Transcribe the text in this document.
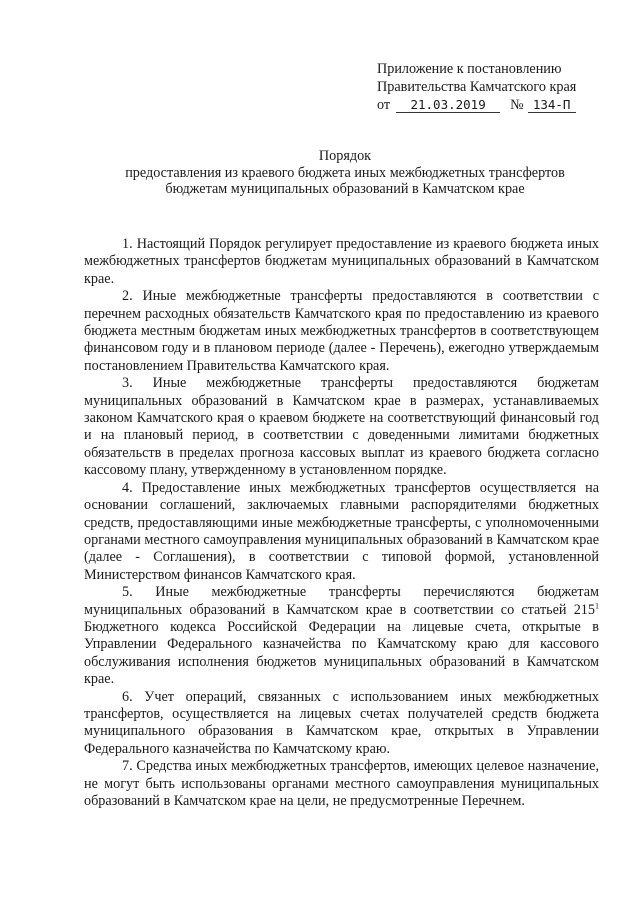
Приложение к постановлению
Правительства Камчатского края
от 21.03.2019 № 134-П
Порядок
предоставления из краевого бюджета иных межбюджетных трансфертов
бюджетам муниципальных образований в Камчатском крае

1. Настоящий Порядок регулирует предоставление из краевого бюджета иных межбюджетных трансфертов бюджетам муниципальных образований в Камчатском крае.

2. Иные межбюджетные трансферты предоставляются в соответствии с перечнем расходных обязательств Камчатского края по предоставлению из краевого бюджета местным бюджетам иных межбюджетных трансфертов в соответствующем финансовом году и в плановом периоде (далее - Перечень), ежегодно утверждаемым постановлением Правительства Камчатского края.

3. Иные межбюджетные трансферты предоставляются бюджетам муниципальных образований в Камчатском крае в размерах, устанавливаемых законом Камчатского края о краевом бюджете на соответствующий финансовый год и на плановый период, в соответствии с доведенными лимитами бюджетных обязательств в пределах прогноза кассовых выплат из краевого бюджета согласно кассовому плану, утвержденному в установленном порядке.

4. Предоставление иных межбюджетных трансфертов осуществляется на основании соглашений, заключаемых главными распорядителями бюджетных средств, предоставляющими иные межбюджетные трансферты, с уполномоченными органами местного самоуправления муниципальных образований в Камчатском крае (далее - Соглашения), в соответствии с типовой формой, установленной Министерством финансов Камчатского края.

5. Иные межбюджетные трансферты перечисляются бюджетам муниципальных образований в Камчатском крае в соответствии со статьей $215^1$ Бюджетного кодекса Российской Федерации на лицевые счета, открытые в Управлении Федерального казначейства по Камчатскому краю для кассового обслуживания исполнения бюджетов муниципальных образований в Камчатском крае.

6. Учет операций, связанных с использованием иных межбюджетных трансфертов, осуществляется на лицевых счетах получателей средств бюджета муниципального образования в Камчатском крае, открытых в Управлении Федерального казначейства по Камчатскому краю.

7. Средства иных межбюджетных трансфертов, имеющих целевое назначение, не могут быть использованы органами местного самоуправления муниципальных образований в Камчатском крае на цели, не предусмотренные Перечнем.
